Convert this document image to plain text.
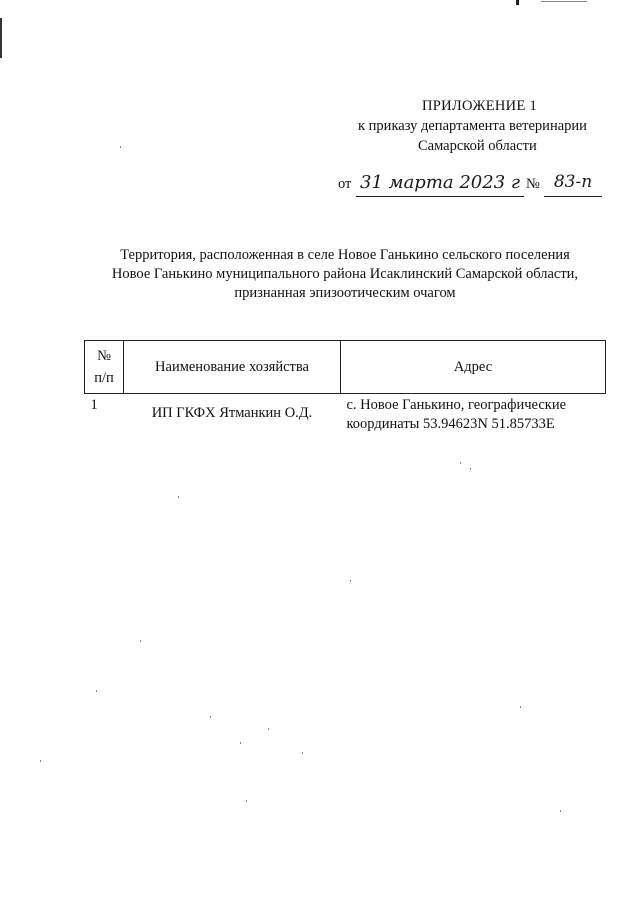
ПРИЛОЖЕНИЕ 1
к приказу департамента ветеринарии
Самарской области
от 31 марта 2023 г № 83-п
Территория, расположенная в селе Новое Ганькино сельского поселения
Новое Ганькино муниципального района Исаклинский Самарской области,
признанная эпизоотическим очагом
№
п/п	Наименование хозяйства	Адрес
1	ИП ГКФХ Ятманкин О.Д.	с. Новое Ганькино, географические
координаты 53.94623N 51.85733E
